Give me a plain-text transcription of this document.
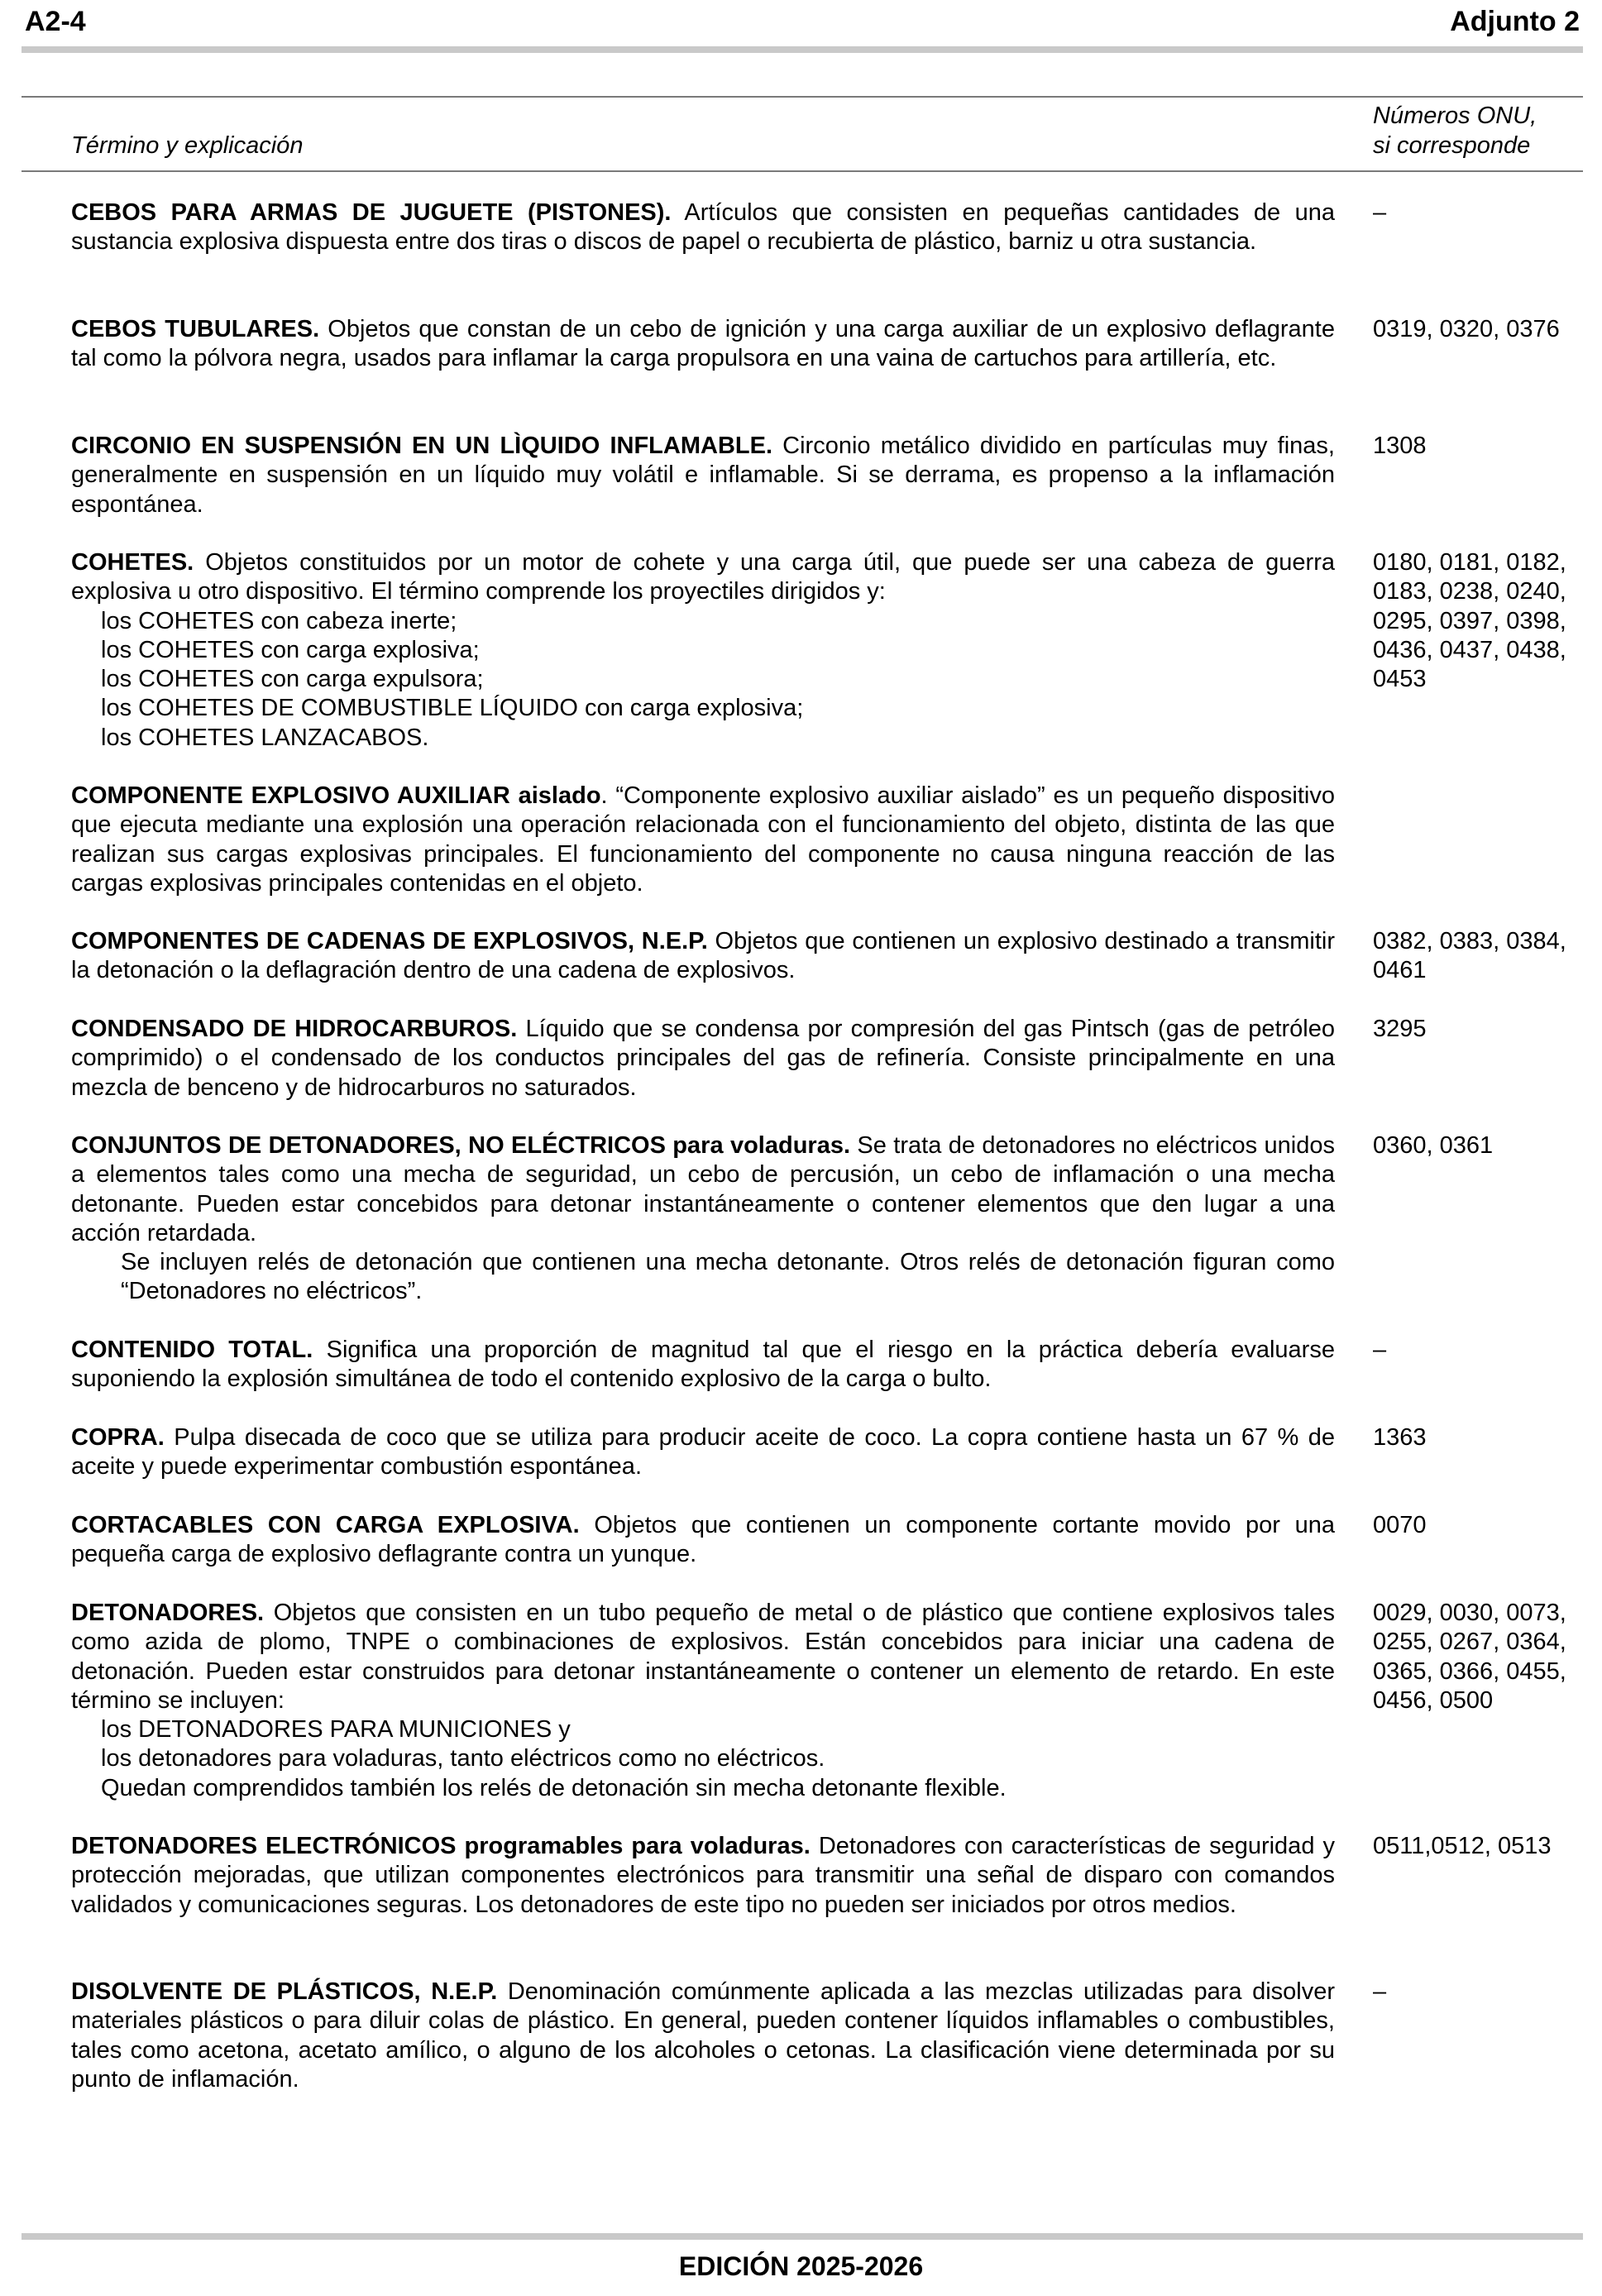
A2-4	Adjunto 2
Término y explicación
Números ONU,
si corresponde

CEBOS PARA ARMAS DE JUGUETE (PISTONES). Artículos que consisten en pequeñas cantidades de una sustancia explosiva dispuesta entre dos tiras o discos de papel o recubierta de plástico, barniz u otra sustancia.

–

CEBOS TUBULARES. Objetos que constan de un cebo de ignición y una carga auxiliar de un explosivo deflagrante tal como la pólvora negra, usados para inflamar la carga propulsora en una vaina de cartuchos para artillería, etc.

0319, 0320, 0376

CIRCONIO EN SUSPENSIÓN EN UN LÌQUIDO INFLAMABLE. Circonio metálico dividido en partículas muy finas, generalmente en suspensión en un líquido muy volátil e inflamable. Si se derrama, es propenso a la inflamación espontánea.

1308

COHETES. Objetos constituidos por un motor de cohete y una carga útil, que puede ser una cabeza de guerra explosiva u otro dispositivo. El término comprende los proyectiles dirigidos y:

los COHETES con cabeza inerte;

los COHETES con carga explosiva;

los COHETES con carga expulsora;

los COHETES DE COMBUSTIBLE LÍQUIDO con carga explosiva;

los COHETES LANZACABOS.

0180, 0181, 0182,
0183, 0238, 0240,
0295, 0397, 0398,
0436, 0437, 0438,
0453

COMPONENTE EXPLOSIVO AUXILIAR aislado. “Componente explosivo auxiliar aislado” es un pequeño dispositivo que ejecuta mediante una explosión una operación relacionada con el funcionamiento del objeto, distinta de las que realizan sus cargas explosivas principales. El funcionamiento del componente no causa ninguna reacción de las cargas explosivas principales contenidas en el objeto.

COMPONENTES DE CADENAS DE EXPLOSIVOS, N.E.P. Objetos que contienen un explosivo destinado a transmitir la detonación o la deflagración dentro de una cadena de explosivos.

0382, 0383, 0384,
0461

CONDENSADO DE HIDROCARBUROS. Líquido que se condensa por compresión del gas Pintsch (gas de petróleo comprimido) o el condensado de los conductos principales del gas de refinería. Consiste principalmente en una mezcla de benceno y de hidrocarburos no saturados.

3295

CONJUNTOS DE DETONADORES, NO ELÉCTRICOS para voladuras. Se trata de detonadores no eléctricos unidos a elementos tales como una mecha de seguridad, un cebo de percusión, un cebo de inflamación o una mecha detonante. Pueden estar concebidos para detonar instantáneamente o contener elementos que den lugar a una acción retardada.

Se incluyen relés de detonación que contienen una mecha detonante. Otros relés de detonación figuran como “Detonadores no eléctricos”.

0360, 0361

CONTENIDO TOTAL. Significa una proporción de magnitud tal que el riesgo en la práctica debería evaluarse suponiendo la explosión simultánea de todo el contenido explosivo de la carga o bulto.

–

COPRA. Pulpa disecada de coco que se utiliza para producir aceite de coco. La copra contiene hasta un 67 % de aceite y puede experimentar combustión espontánea.

1363

CORTACABLES CON CARGA EXPLOSIVA. Objetos que contienen un componente cortante movido por una pequeña carga de explosivo deflagrante contra un yunque.

0070

DETONADORES. Objetos que consisten en un tubo pequeño de metal o de plástico que contiene explosivos tales como azida de plomo, TNPE o combinaciones de explosivos. Están concebidos para iniciar una cadena de detonación. Pueden estar construidos para detonar instantáneamente o contener un elemento de retardo. En este término se incluyen:

los DETONADORES PARA MUNICIONES y

los detonadores para voladuras, tanto eléctricos como no eléctricos.

Quedan comprendidos también los relés de detonación sin mecha detonante flexible.

0029, 0030, 0073,
0255, 0267, 0364,
0365, 0366, 0455,
0456, 0500

DETONADORES ELECTRÓNICOS programables para voladuras. Detonadores con características de seguridad y protección mejoradas, que utilizan componentes electrónicos para transmitir una señal de disparo con comandos validados y comunicaciones seguras. Los detonadores de este tipo no pueden ser iniciados por otros medios.

0511,0512, 0513

DISOLVENTE DE PLÁSTICOS, N.E.P. Denominación comúnmente aplicada a las mezclas utilizadas para disolver materiales plásticos o para diluir colas de plástico. En general, pueden contener líquidos inflamables o combustibles, tales como acetona, acetato amílico, o alguno de los alcoholes o cetonas. La clasificación viene determinada por su punto de inflamación.

–
EDICIÓN 2025-2026
